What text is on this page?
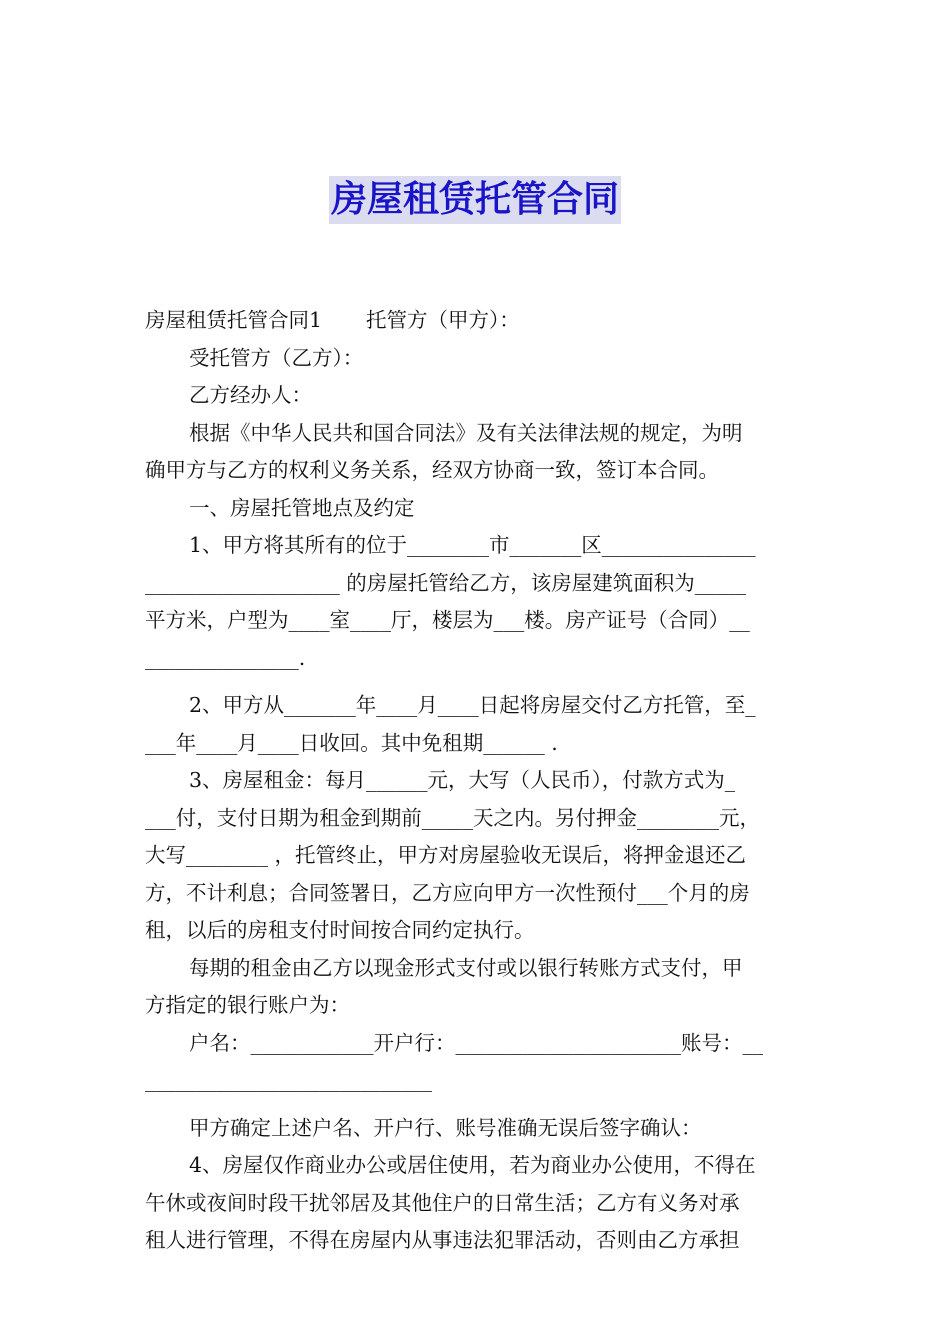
房屋租赁托管合同

房屋租赁托管合同1 托管方（甲方）：

受托管方（乙方）：

乙方经办人：

根据《中华人民共和国合同法》及有关法律法规的规定，为明

确甲方与乙方的权利义务关系，经双方协商一致，签订本合同。

一、房屋托管地点及约定

1、甲方将其所有的位于________市_______区_______________

___________________ 的房屋托管给乙方，该房屋建筑面积为_____

平方米，户型为____室____厅，楼层为___楼。房产证号（合同）__

_______________.

2、甲方从_______年____月____日起将房屋交付乙方托管，至_

___年____月____日收回。其中免租期______ .

3、房屋租金：每月______元，大写（人民币），付款方式为_

___付，支付日期为租金到期前_____天之内。另付押金________元，

大写________ ，托管终止，甲方对房屋验收无误后，将押金退还乙

方，不计利息；合同签署日，乙方应向甲方一次性预付___个月的房

租，以后的房租支付时间按合同约定执行。

每期的租金由乙方以现金形式支付或以银行转账方式支付，甲

方指定的银行账户为：

户名：____________开户行：______________________账号：__

____________________________

甲方确定上述户名、开户行、账号准确无误后签字确认：

4、房屋仅作商业办公或居住使用，若为商业办公使用，不得在

午休或夜间时段干扰邻居及其他住户的日常生活；乙方有义务对承

租人进行管理，不得在房屋内从事违法犯罪活动，否则由乙方承担
